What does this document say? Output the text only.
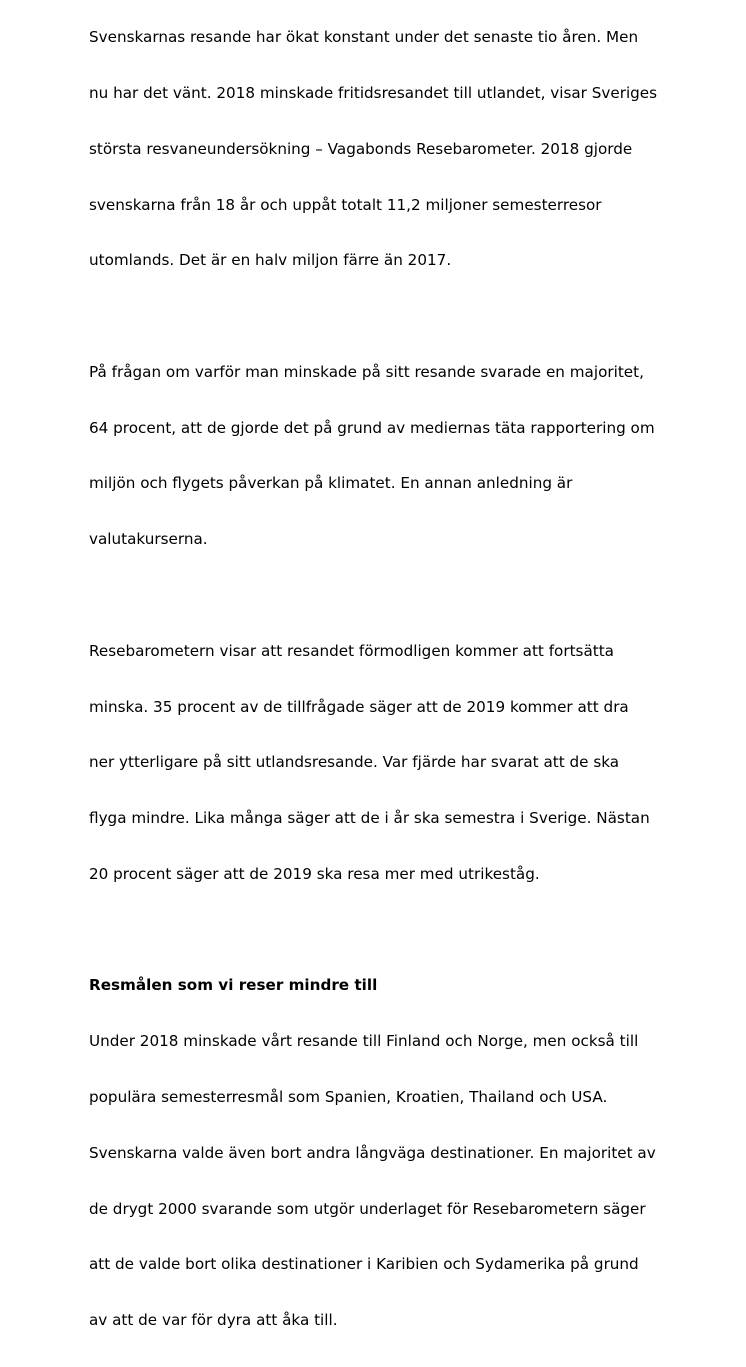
Svenskarnas resande har ökat konstant under det senaste tio åren. Men

nu har det vänt. 2018 minskade fritidsresandet till utlandet, visar Sveriges

största resvaneundersökning – Vagabonds Resebarometer. 2018 gjorde

svenskarna från 18 år och uppåt totalt 11,2 miljoner semesterresor

utomlands. Det är en halv miljon färre än 2017.

På frågan om varför man minskade på sitt resande svarade en majoritet,

64 procent, att de gjorde det på grund av mediernas täta rapportering om

miljön och flygets påverkan på klimatet. En annan anledning är

valutakurserna.

Resebarometern visar att resandet förmodligen kommer att fortsätta

minska. 35 procent av de tillfrågade säger att de 2019 kommer att dra

ner ytterligare på sitt utlandsresande. Var fjärde har svarat att de ska

flyga mindre. Lika många säger att de i år ska semestra i Sverige. Nästan

20 procent säger att de 2019 ska resa mer med utrikeståg.

Resmålen som vi reser mindre till

Under 2018 minskade vårt resande till Finland och Norge, men också till

populära semesterresmål som Spanien, Kroatien, Thailand och USA.

Svenskarna valde även bort andra långväga destinationer. En majoritet av

de drygt 2000 svarande som utgör underlaget för Resebarometern säger

att de valde bort olika destinationer i Karibien och Sydamerika på grund

av att de var för dyra att åka till.
